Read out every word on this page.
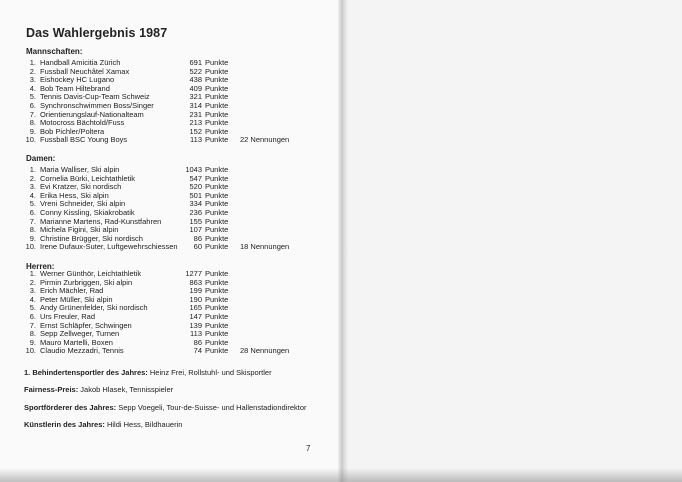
Das Wahlergebnis 1987
Mannschaften:
1. Handball Amicitia Zürich	691 Punkte
2. Fussball Neuchâtel Xamax	522 Punkte
3. Eishockey HC Lugano	438 Punkte
4. Bob Team Hiltebrand	409 Punkte
5. Tennis Davis-Cup-Team Schweiz	321 Punkte
6. Synchronschwimmen Boss/Singer	314 Punkte
7. Orientierungslauf-Nationalteam	231 Punkte
8. Motocross Bächtold/Fuss	213 Punkte
9. Bob Pichler/Poltera	152 Punkte
10. Fussball BSC Young Boys	113 Punkte 22 Nennungen
Damen:
1. Maria Walliser, Ski alpin	1043 Punkte
2. Cornelia Bürki, Leichtathletik	547 Punkte
3. Evi Kratzer, Ski nordisch	520 Punkte
4. Erika Hess, Ski alpin	501 Punkte
5. Vreni Schneider, Ski alpin	334 Punkte
6. Conny Kissling, Skiakrobatik	236 Punkte
7. Marianne Martens, Rad-Kunstfahren	155 Punkte
8. Michela Figini, Ski alpin	107 Punkte
9. Christine Brügger, Ski nordisch	86 Punkte
10. Irene Dufaux-Suter, Luftgewehrschiessen	60 Punkte 18 Nennungen
Herren:
1. Werner Günthör, Leichtathletik	1277 Punkte
2. Pirmin Zurbriggen, Ski alpin	863 Punkte
3. Erich Mächler, Rad	199 Punkte
4. Peter Müller, Ski alpin	190 Punkte
5. Andy Grünenfelder, Ski nordisch	165 Punkte
6. Urs Freuler, Rad	147 Punkte
7. Ernst Schläpfer, Schwingen	139 Punkte
8. Sepp Zellweger, Turnen	113 Punkte
9. Mauro Martelli, Boxen	86 Punkte
10. Claudio Mezzadri, Tennis	74 Punkte 28 Nennungen
1. Behindertensportler des Jahres: Heinz Frei, Rollstuhl- und Skisportler
Fairness-Preis: Jakob Hlasek, Tennisspieler
Sportförderer des Jahres: Sepp Voegeli, Tour-de-Suisse- und Hallenstadiondirektor
Künstlerin des Jahres: Hildi Hess, Bildhauerin
7
